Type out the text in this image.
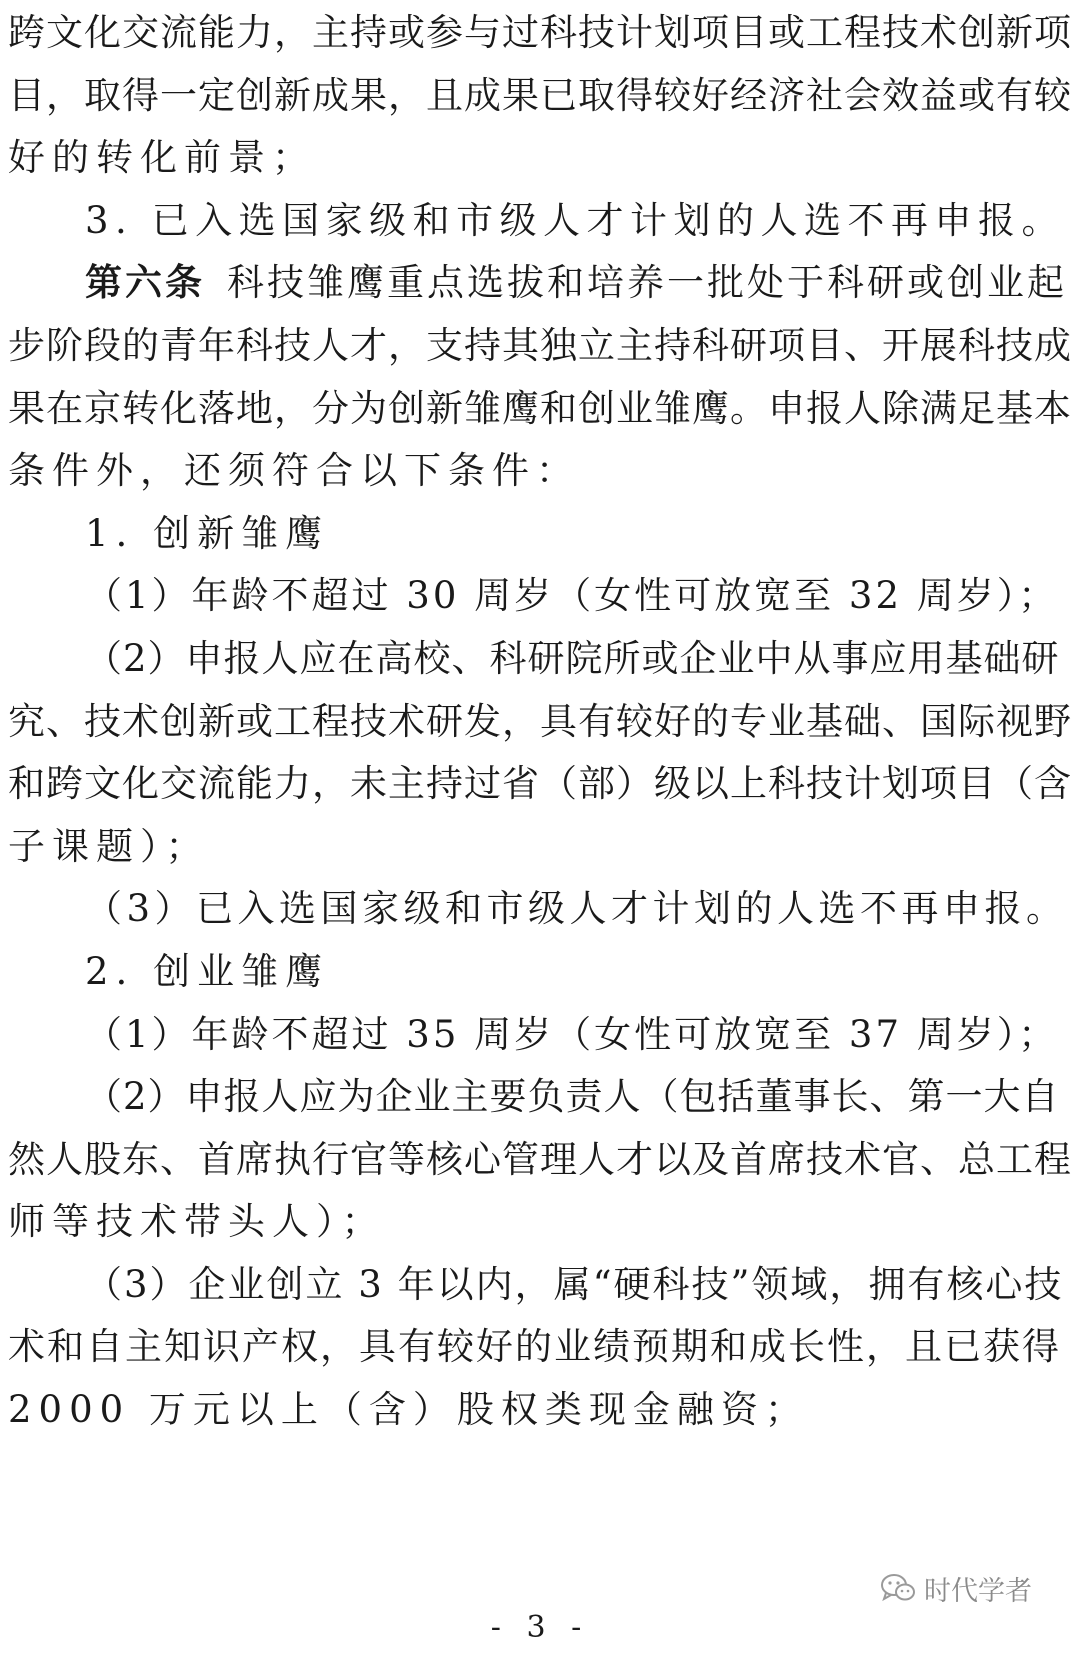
跨文化交流能力，主持或参与过科技计划项目或工程技术创新项
目，取得一定创新成果，且成果已取得较好经济社会效益或有较
好的转化前景；
3. 已入选国家级和市级人才计划的人选不再申报。
第六条 科技雏鹰重点选拔和培养一批处于科研或创业起
步阶段的青年科技人才，支持其独立主持科研项目、开展科技成
果在京转化落地，分为创新雏鹰和创业雏鹰。申报人除满足基本
条件外，还须符合以下条件：
1. 创新雏鹰
（1）年龄不超过 30 周岁（女性可放宽至 32 周岁）；
（2）申报人应在高校、科研院所或企业中从事应用基础研
究、技术创新或工程技术研发，具有较好的专业基础、国际视野
和跨文化交流能力，未主持过省（部）级以上科技计划项目（含
子课题）；
（3）已入选国家级和市级人才计划的人选不再申报。
2. 创业雏鹰
（1）年龄不超过 35 周岁（女性可放宽至 37 周岁）；
（2）申报人应为企业主要负责人（包括董事长、第一大自
然人股东、首席执行官等核心管理人才以及首席技术官、总工程
师等技术带头人）；
（3）企业创立 3 年以内，属“硬科技”领域，拥有核心技
术和自主知识产权，具有较好的业绩预期和成长性，且已获得
2000 万元以上（含）股权类现金融资；
时代学者
- 3 -
